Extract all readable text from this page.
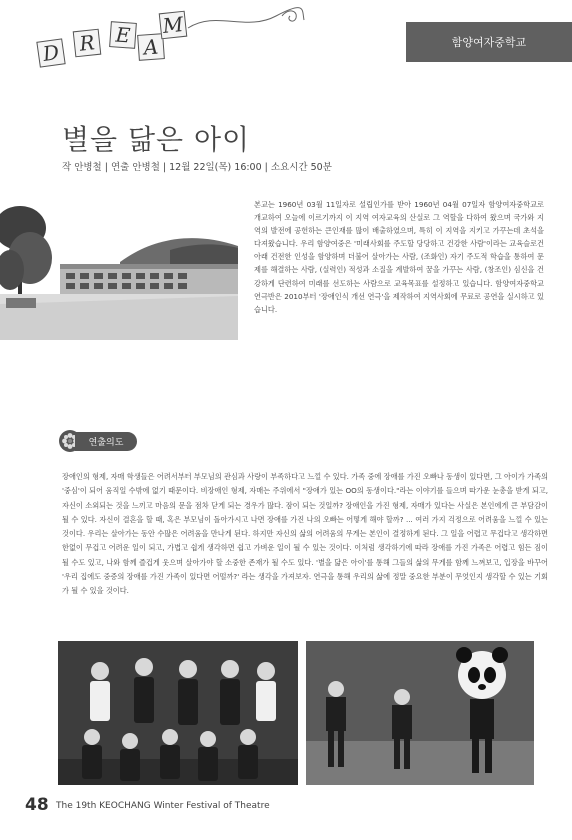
D R E A
M
함양여자중학교
별을 닮은 아이
작 안병철 | 연출 안병철 | 12월 22일(목) 16:00 | 소요시간 50분
본교는 1960년 03월 11일자로 설립인가를 받아 1960년 04월 07일자 함양여자중학교로 개교하여 오늘에 이르기까지 이 지역 여자교육의 산실로 그 역할을 다하여 왔으며 국가와 지역의 발전에 공헌하는 큰인재를 많이 배출하였으며, 특히 이 지역을 지키고 가꾸는데 초석을 다져왔습니다. 우리 함양여중은 '미래사회를 주도할 당당하고 건강한 사람'이라는 교육슬로건 아래 건전한 인성을 함양하며 더불어 살아가는 사람, (조화인) 자기 주도적 학습을 통하여 문제를 해결하는 사람, (실력인) 적성과 소질을 계발하여 꿈을 가꾸는 사람, (창조인) 심신을 건강하게 단련하여 미래를 선도하는 사람으로 교육목표를 설정하고 있습니다. 함양여자중학교 연극반은 2010부터 '장애인식 개선 연극'을 제작하여 지역사회에 무료로 공연을 실시하고 있습니다.
연출의도
장애인의 형제, 자매 학생들은 어려서부터 부모님의 관심과 사랑이 부족하다고 느낄 수 있다. 가족 중에 장애를 가진 오빠나 동생이 있다면, 그 아이가 가족의 '중심'이 되어 움직일 수밖에 없기 때문이다. 비장애인 형제, 자매는 주위에서 "장애가 있는 OO의 동생이다."라는 이야기를 들으며 따가운 눈총을 받게 되고, 자신이 소외되는 것을 느끼고 마음의 문을 점차 닫게 되는 경우가 많다. 잠이 되는 것일까? 장애인을 가진 형제, 자매가 있다는 사실은 본인에게 큰 부담감이 될 수 있다. 자신이 결혼을 할 때, 혹은 부모님이 돌아가시고 나면 장애를 가진 나의 오빠는 어떻게 해야 할까? ... 여러 가지 걱정으로 어려움을 느낄 수 있는 것이다. 우리는 살아가는 동안 수많은 어려움을 만나게 된다. 하지만 자신의 삶의 어려움의 무게는 본인이 결정하게 된다. 그 일을 어렵고 무겁다고 생각하면 한없이 무겁고 어려운 일이 되고, 가볍고 쉽게 생각하면 쉽고 가벼운 일이 될 수 있는 것이다. 이처럼 생각하기에 따라 장애를 가진 가족은 어렵고 힘든 짐이 될 수도 있고, 나와 함께 즐겁게 웃으며 살아가야 할 소중한 존재가 될 수도 있다. '별을 닮은 아이'를 통해 그들의 삶의 무게를 함께 느껴보고, 입장을 바꾸어 '우리 집에도 중증의 장애를 가진 가족이 있다면 어떨까?' 라는 생각을 가져보자. 연극을 통해 우리의 삶에 정말 중요한 부분이 무엇인지 생각할 수 있는 기회가 될 수 있을 것이다.
48 The 19th KEOCHANG Winter Festival of Theatre
